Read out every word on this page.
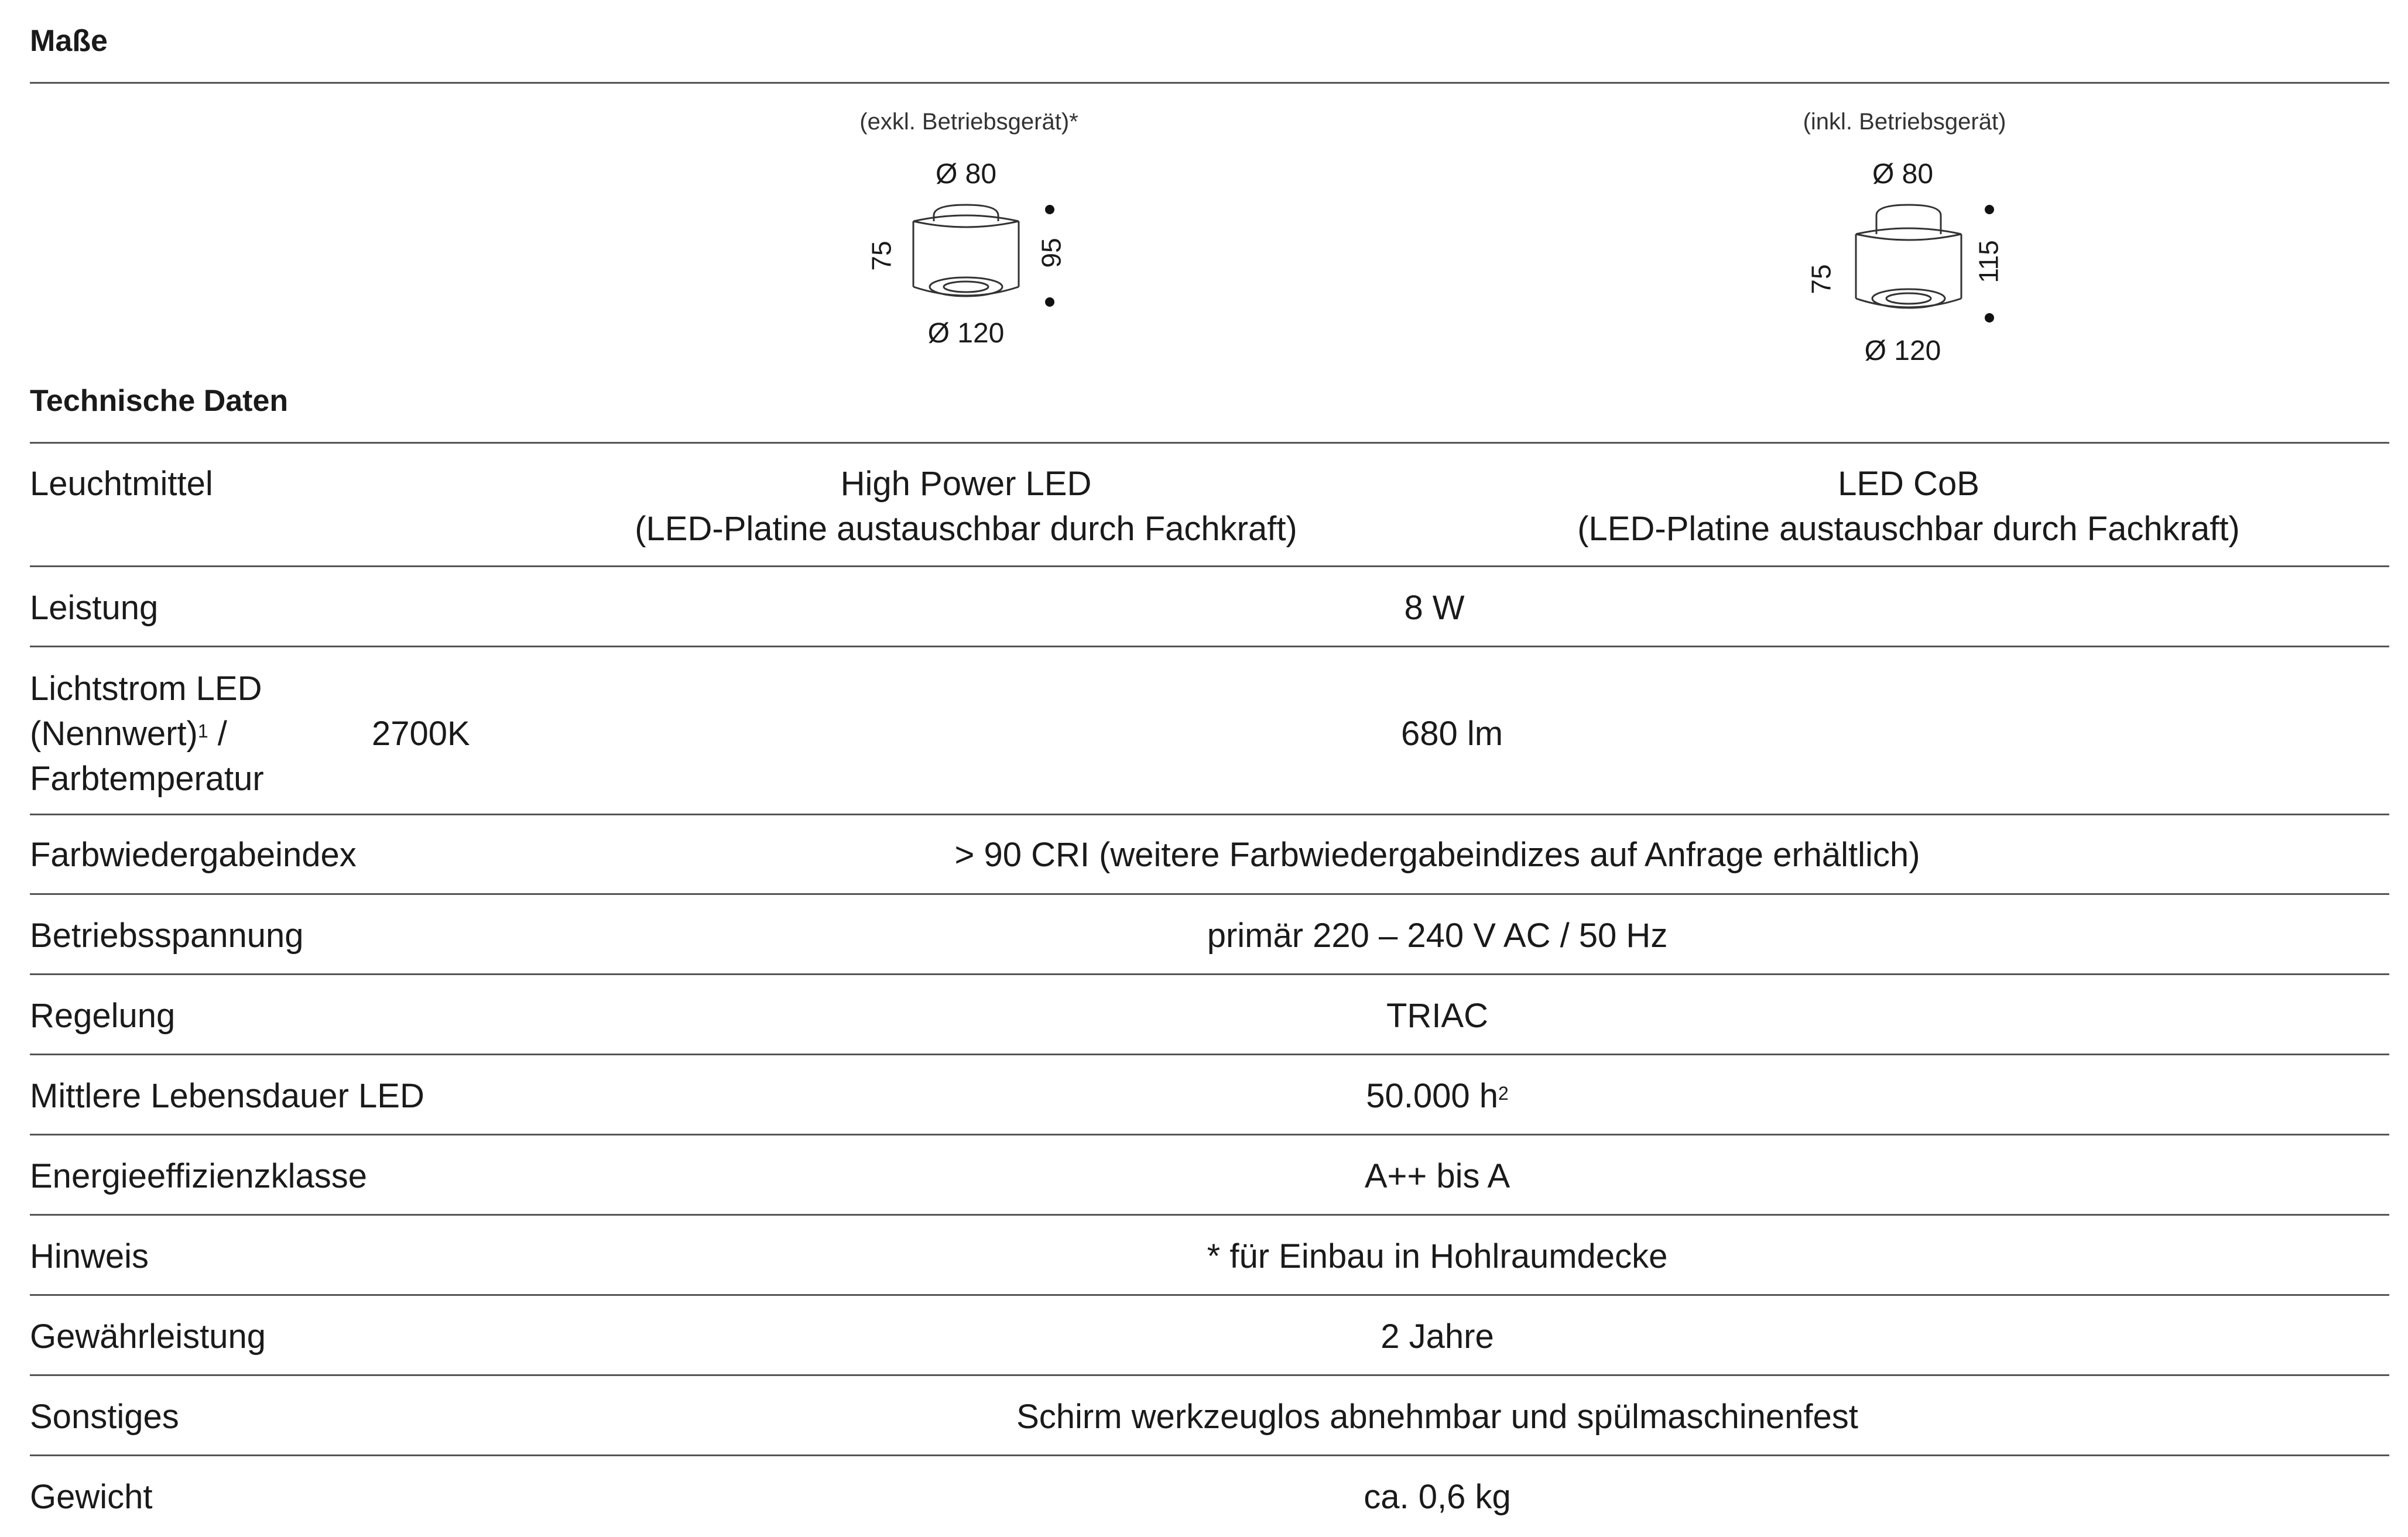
Maße
(exkl. Betriebsgerät)*
Ø 80
75	95
Ø 120
(inkl. Betriebsgerät)
Ø 80
75	115
Ø 120
Technische Daten
Leuchtmittel	High Power LED
(LED-Platine austauschbar durch Fachkraft)
LED CoB
(LED-Platine austauschbar durch Fachkraft)
Leistung	8 W
Lichtstrom LED
(Nennwert)$^1$ /
Farbtemperatur
2700K	680 lm
Farbwiedergabeindex	> 90 CRI (weitere Farbwiedergabeindizes auf Anfrage erhältlich)
Betriebsspannung	primär 220 – 240 V AC / 50 Hz
Regelung	TRIAC
Mittlere Lebensdauer LED	50.000 $h^2$
Energieeffizienzklasse	A++ bis A
Hinweis	* für Einbau in Hohlraumdecke
Gewährleistung	2 Jahre
Sonstiges	Schirm werkzeuglos abnehmbar und spülmaschinenfest
Gewicht	ca. 0,6 kg
